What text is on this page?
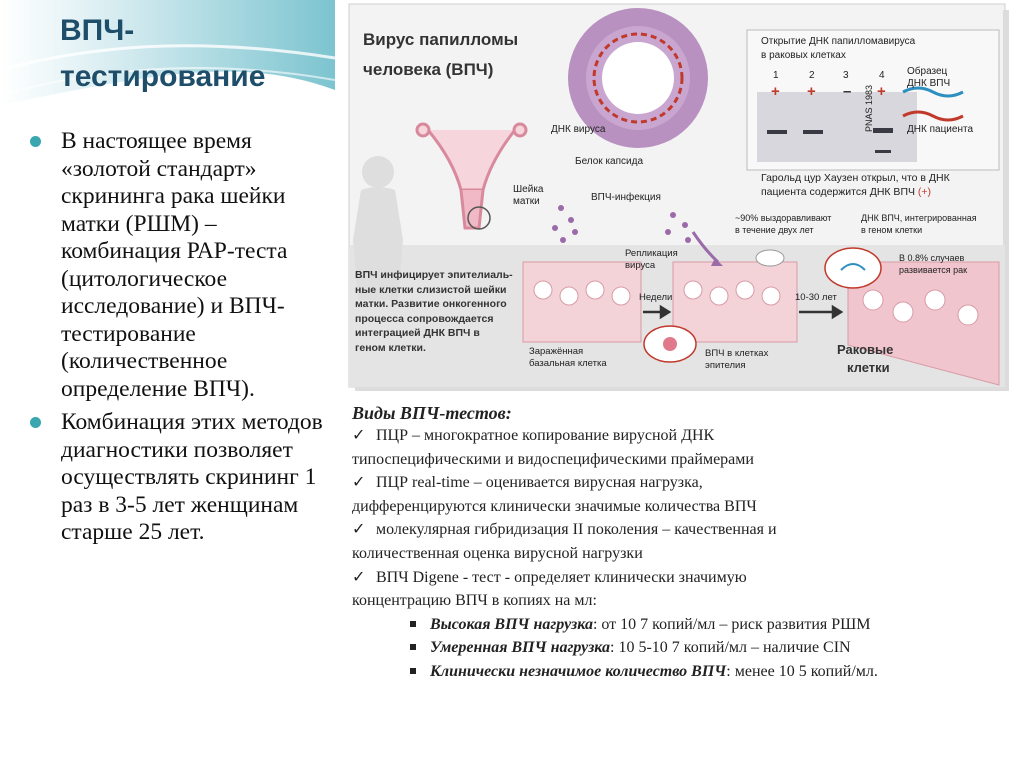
ВПЧ-тестирование
В настоящее время «золотой стандарт» скрининга рака шейки матки (РШМ) – комбинация РАР-теста (цитологическое исследование) и ВПЧ-тестирование (количественное определение ВПЧ).
Комбинация этих методов диагностики позволяет осуществлять скрининг 1 раз в 3-5 лет женщинам старше 25 лет.
Вирус папилломы
человека (ВПЧ)
ДНК вируса
Белок капсида
Шейка
матки	ВПЧ-инфекция
Открытие ДНК папилломавируса
в раковых клетках
1	2	3	4
+ + – +
Образец
ДНК ВПЧ
ДНК пациента
PNAS 1983
Гарольд цур Хаузен открыл, что в ДНК
пациента содержится ДНК ВПЧ (+)
~90% выздоравливают
в течение двух лет
ДНК ВПЧ, интегрированная
в геном клетки
В 0.8% случаев
развивается рак
Репликация
вируса
ВПЧ инфицирует эпителиаль-
ные клетки слизистой шейки
матки. Развитие онкогенного
процесса сопровождается
интеграцией ДНК ВПЧ в
геном клетки.
Недели	10-30 лет
Заражённая
базальная клетка
ВПЧ в клетках
эпителия
Раковые
клетки
Виды ВПЧ-тестов:
✓ ПЦР – многократное копирование вирусной ДНК
типоспецифическими и видоспецифическими праймерами
✓ ПЦР real-time – оценивается вирусная нагрузка,
дифференцируются клинически значимые количества ВПЧ
✓ молекулярная гибридизация II поколения – качественная и
количественная оценка вирусной нагрузки
✓ ВПЧ Digene - тест - определяет клинически значимую
концентрацию ВПЧ в копиях на мл:
Высокая ВПЧ нагрузка: от 10 7 копий/мл – риск развития РШМ
Умеренная ВПЧ нагрузка: 10 5-10 7 копий/мл – наличие CIN
Клинически незначимое количество ВПЧ: менее 10 5 копий/мл.
